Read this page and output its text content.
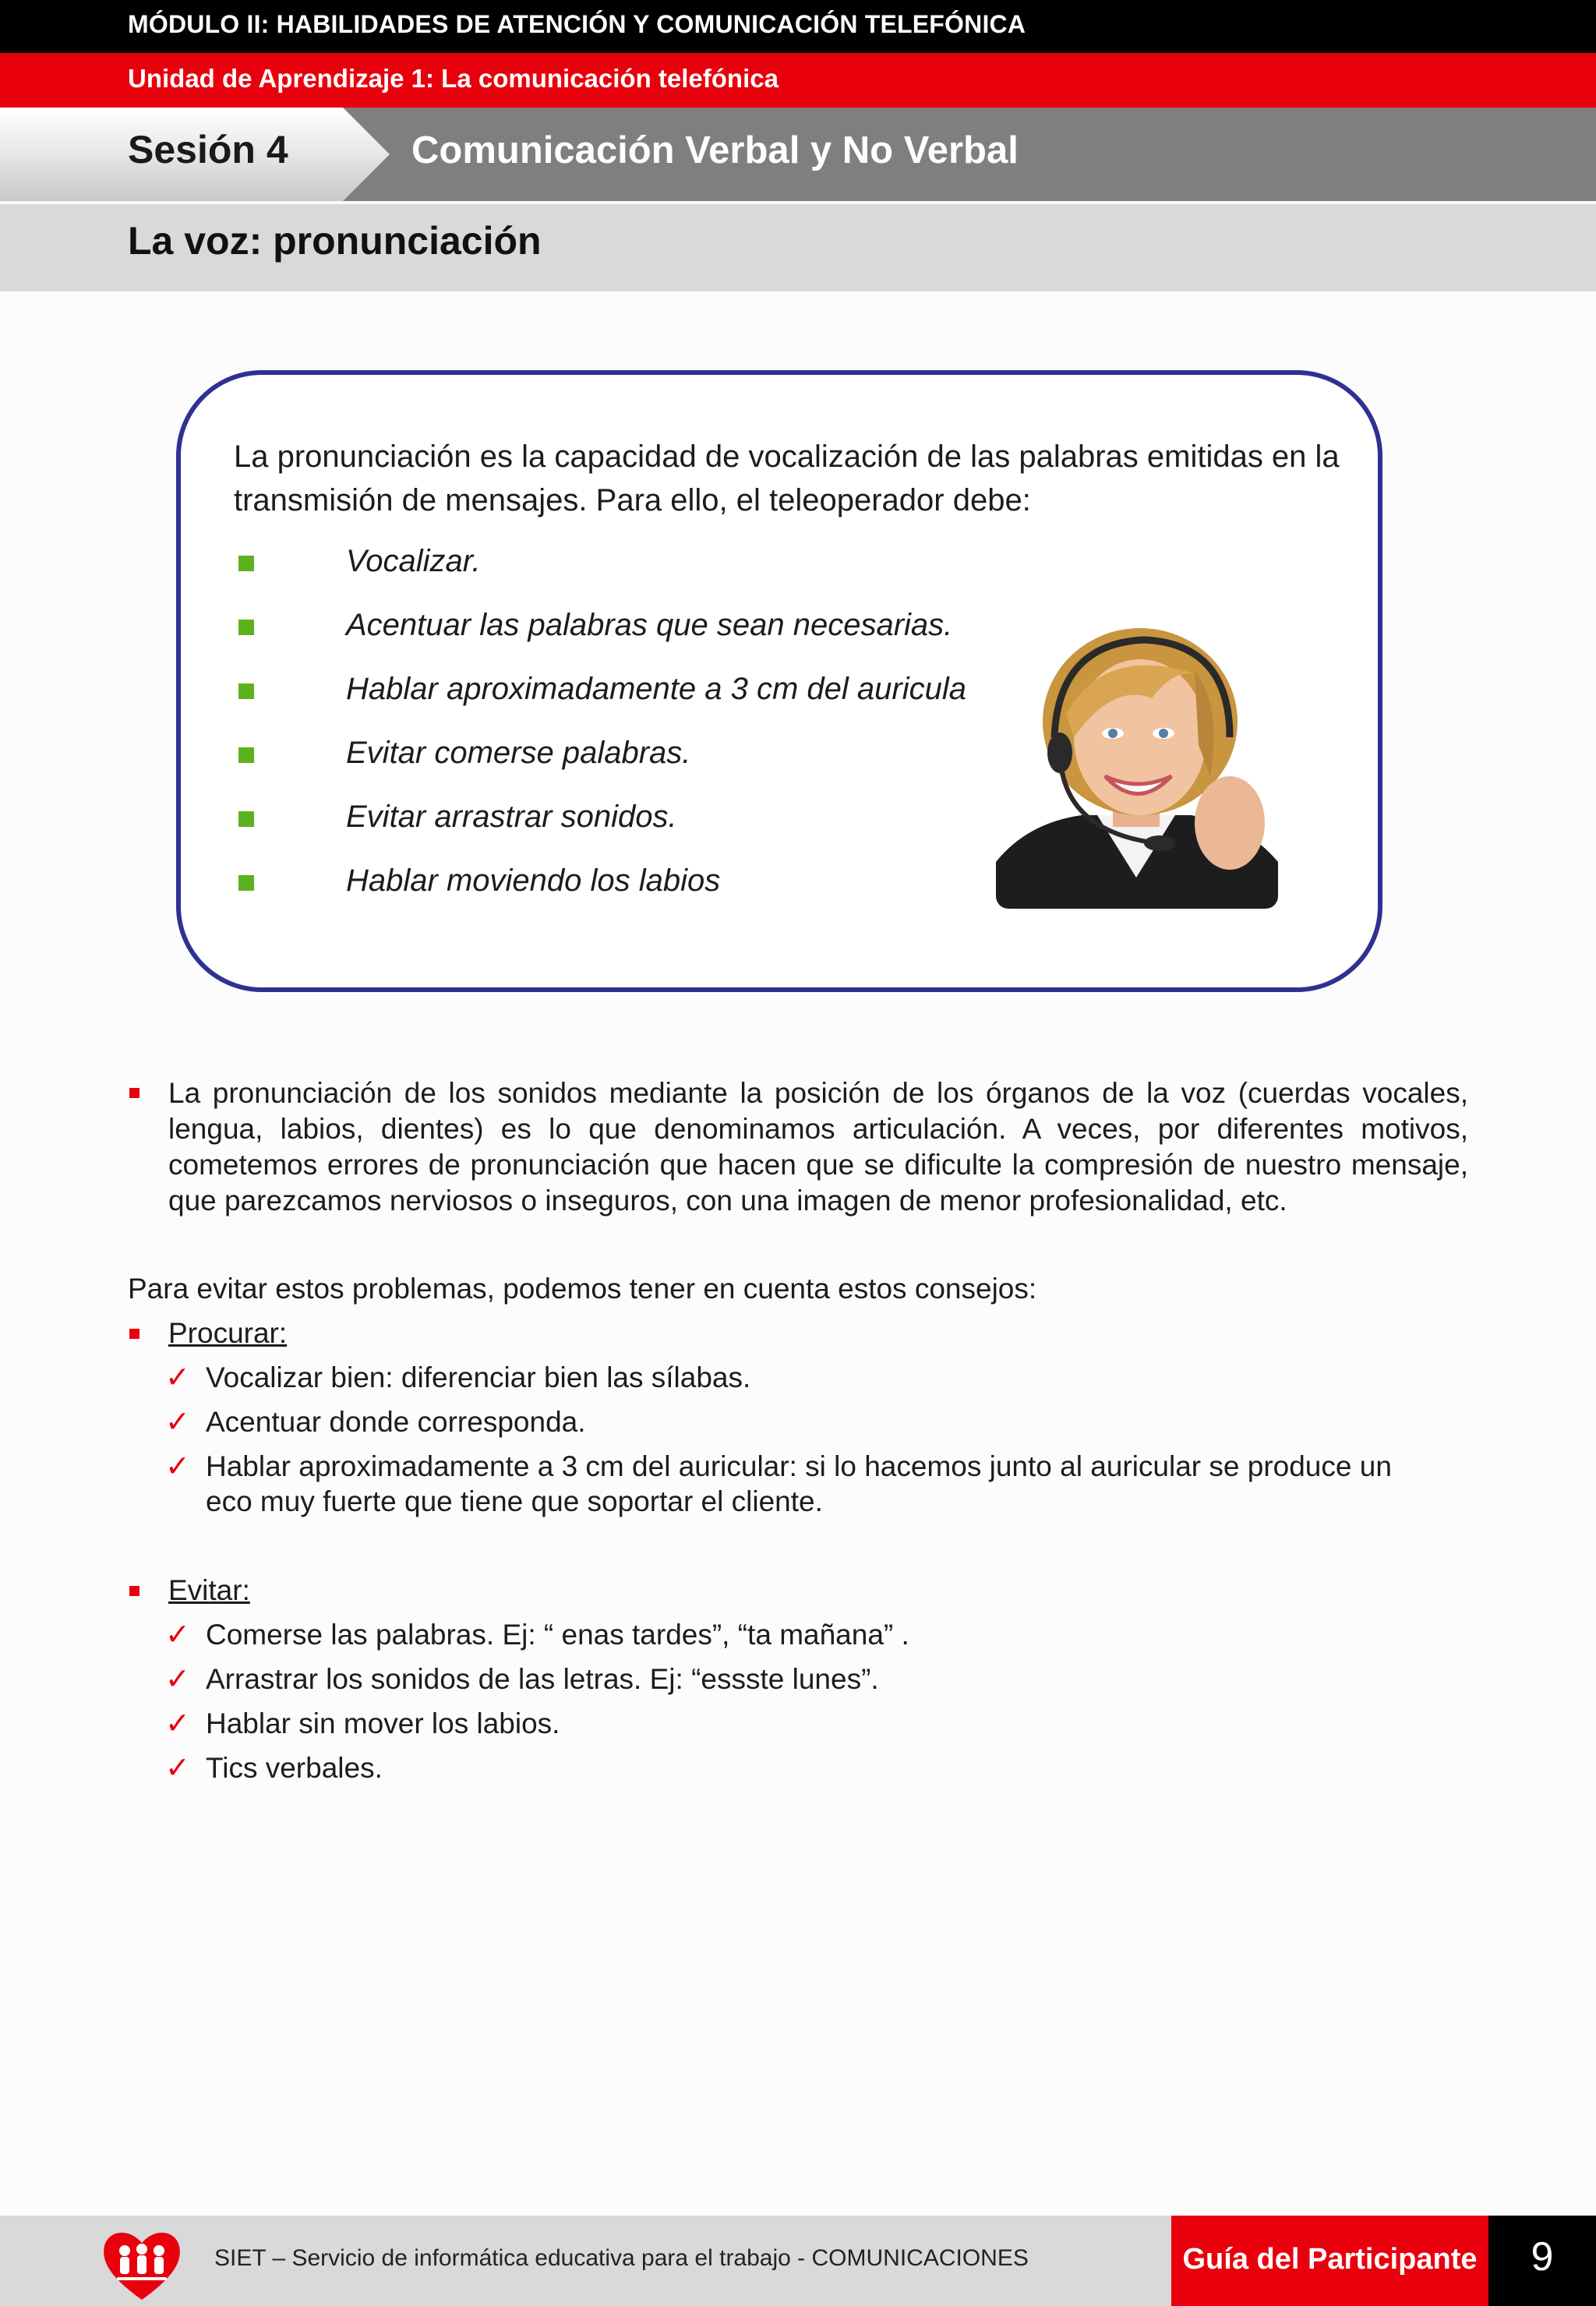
MÓDULO II: HABILIDADES DE ATENCIÓN Y COMUNICACIÓN TELEFÓNICA
Unidad de Aprendizaje 1: La comunicación telefónica
Sesión 4	Comunicación Verbal y No Verbal
La voz: pronunciación
La pronunciación es la capacidad de vocalización de las palabras emitidas en la transmisión de mensajes. Para ello, el teleoperador debe:
Vocalizar.
Acentuar las palabras que sean necesarias.
Hablar aproximadamente a 3 cm del auricula
Evitar comerse palabras.
Evitar arrastrar sonidos.
Hablar moviendo los labios
La pronunciación de los sonidos mediante la posición de los órganos de la voz (cuerdas vocales, lengua, labios, dientes) es lo que denominamos articulación. A veces, por diferentes motivos, cometemos errores de pronunciación que hacen que se dificulte la compresión de nuestro mensaje, que parezcamos nerviosos o inseguros, con una imagen de menor profesionalidad, etc.
Para evitar estos problemas, podemos tener en cuenta estos consejos:
Procurar:
✓ Vocalizar bien: diferenciar bien las sílabas.
✓ Acentuar donde corresponda.
✓ Hablar aproximadamente a 3 cm del auricular: si lo hacemos junto al auricular se produce un
eco muy fuerte que tiene que soportar el cliente.
Evitar:
✓ Comerse las palabras. Ej: “ enas tardes”, “ta mañana” .
✓ Arrastrar los sonidos de las letras. Ej: “essste lunes”.
✓ Hablar sin mover los labios.
✓ Tics verbales.
SIET – Servicio de informática educativa para el trabajo - COMUNICACIONES	Guía del Participante	9
